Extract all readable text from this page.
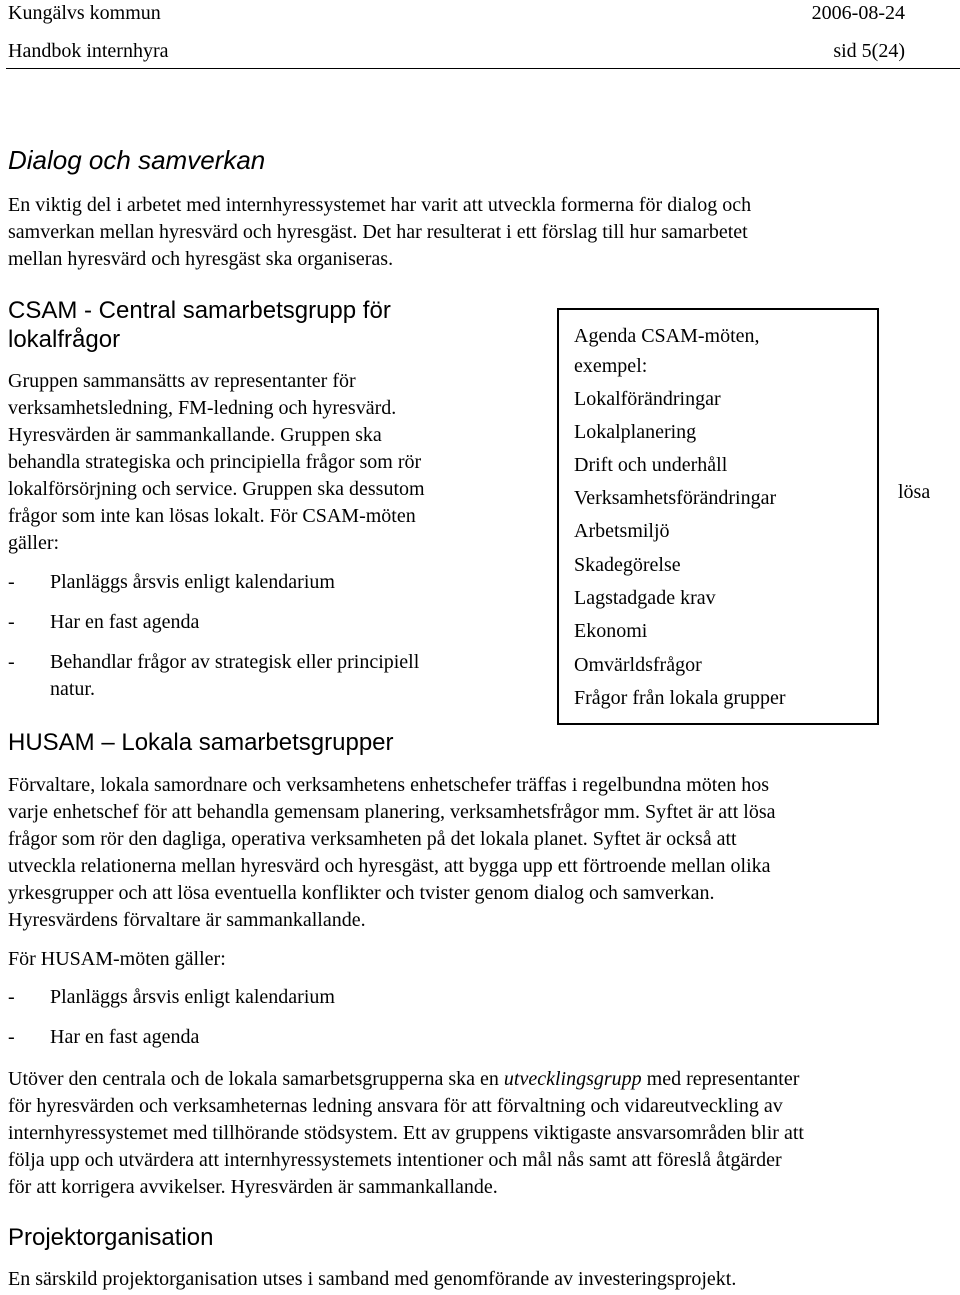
Kungälvs kommun	2006-08-24
Handbok internhyra	sid 5(24)
Dialog och samverkan
En viktig del i arbetet med internhyressystemet har varit att utveckla formerna för dialog och
samverkan mellan hyresvärd och hyresgäst. Det har resulterat i ett förslag till hur samarbetet
mellan hyresvärd och hyresgäst ska organiseras.
CSAM - Central samarbetsgrupp för
lokalfrågor
Gruppen sammansätts av representanter för
verksamhetsledning, FM-ledning och hyresvärd.
Hyresvärden är sammankallande. Gruppen ska
behandla strategiska och principiella frågor som rör
lokalförsörjning och service. Gruppen ska dessutom
frågor som inte kan lösas lokalt. För CSAM-möten
gäller:
- Planläggs årsvis enligt kalendarium
- Har en fast agenda
- Behandlar frågor av strategisk eller principiell
natur.
Agenda CSAM-möten,
exempel:
Lokalförändringar
Lokalplanering
Drift och underhåll
Verksamhetsförändringar
Arbetsmiljö
Skadegörelse
Lagstadgade krav
Ekonomi
Omvärldsfrågor
Frågor från lokala grupper
lösa
HUSAM – Lokala samarbetsgrupper
Förvaltare, lokala samordnare och verksamhetens enhetschefer träffas i regelbundna möten hos
varje enhetschef för att behandla gemensam planering, verksamhetsfrågor mm. Syftet är att lösa
frågor som rör den dagliga, operativa verksamheten på det lokala planet. Syftet är också att
utveckla relationerna mellan hyresvärd och hyresgäst, att bygga upp ett förtroende mellan olika
yrkesgrupper och att lösa eventuella konflikter och tvister genom dialog och samverkan.
Hyresvärdens förvaltare är sammankallande.
För HUSAM-möten gäller:
- Planläggs årsvis enligt kalendarium
- Har en fast agenda
Utöver den centrala och de lokala samarbetsgrupperna ska en utvecklingsgrupp med representanter
för hyresvärden och verksamheternas ledning ansvara för att förvaltning och vidareutveckling av
internhyressystemet med tillhörande stödsystem. Ett av gruppens viktigaste ansvarsområden blir att
följa upp och utvärdera att internhyressystemets intentioner och mål nås samt att föreslå åtgärder
för att korrigera avvikelser. Hyresvärden är sammankallande.
Projektorganisation
En särskild projektorganisation utses i samband med genomförande av investeringsprojekt.
